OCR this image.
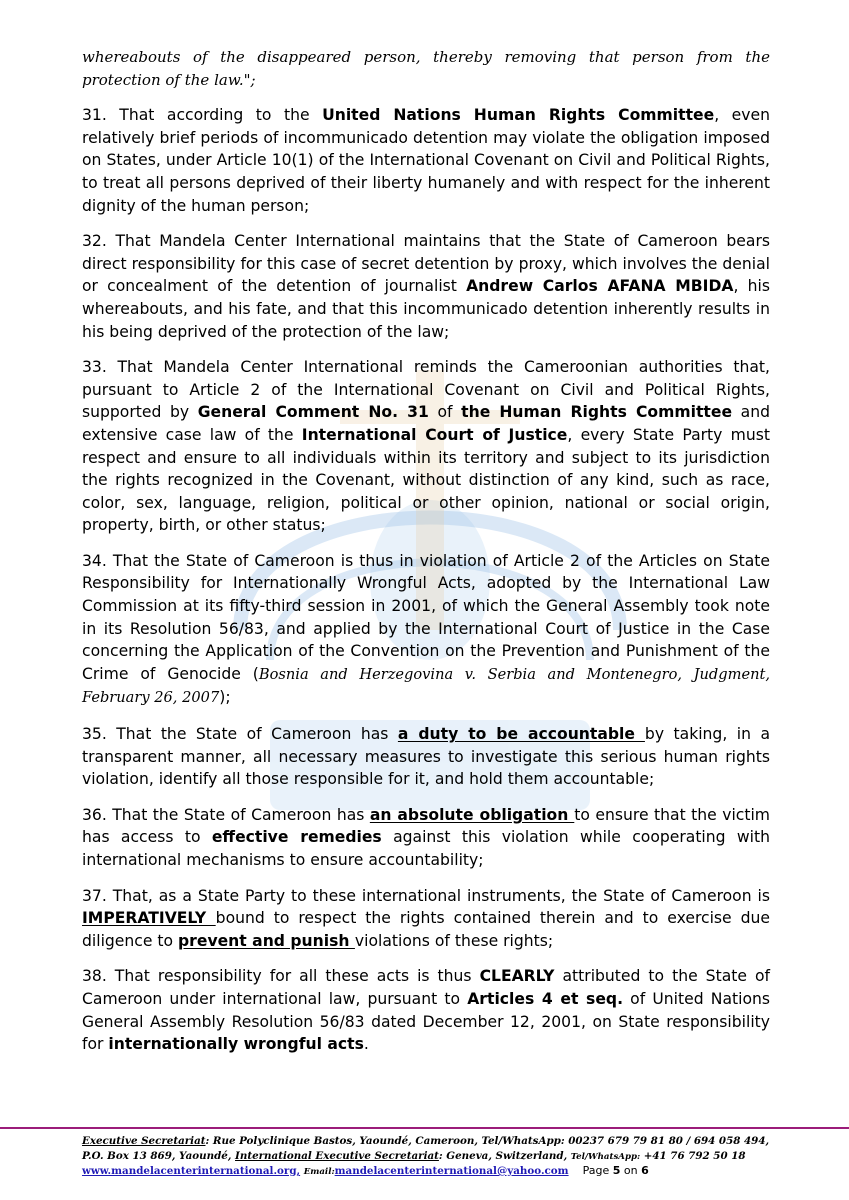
whereabouts of the disappeared person, thereby removing that person from the protection of the law.";

31. That according to the United Nations Human Rights Committee, even relatively brief periods of incommunicado detention may violate the obligation imposed on States, under Article 10(1) of the International Covenant on Civil and Political Rights, to treat all persons deprived of their liberty humanely and with respect for the inherent dignity of the human person;

32. That Mandela Center International maintains that the State of Cameroon bears direct responsibility for this case of secret detention by proxy, which involves the denial or concealment of the detention of journalist Andrew Carlos AFANA MBIDA, his whereabouts, and his fate, and that this incommunicado detention inherently results in his being deprived of the protection of the law;

33. That Mandela Center International reminds the Cameroonian authorities that, pursuant to Article 2 of the International Covenant on Civil and Political Rights, supported by General Comment No. 31 of the Human Rights Committee and extensive case law of the International Court of Justice, every State Party must respect and ensure to all individuals within its territory and subject to its jurisdiction the rights recognized in the Covenant, without distinction of any kind, such as race, color, sex, language, religion, political or other opinion, national or social origin, property, birth, or other status;

34. That the State of Cameroon is thus in violation of Article 2 of the Articles on State Responsibility for Internationally Wrongful Acts, adopted by the International Law Commission at its fifty-third session in 2001, of which the General Assembly took note in its Resolution 56/83, and applied by the International Court of Justice in the Case concerning the Application of the Convention on the Prevention and Punishment of the Crime of Genocide (Bosnia and Herzegovina v. Serbia and Montenegro, Judgment, February 26, 2007);

35. That the State of Cameroon has a duty to be accountable by taking, in a transparent manner, all necessary measures to investigate this serious human rights violation, identify all those responsible for it, and hold them accountable;

36. That the State of Cameroon has an absolute obligation to ensure that the victim has access to effective remedies against this violation while cooperating with international mechanisms to ensure accountability;

37. That, as a State Party to these international instruments, the State of Cameroon is IMPERATIVELY bound to respect the rights contained therein and to exercise due diligence to prevent and punish violations of these rights;

38. That responsibility for all these acts is thus CLEARLY attributed to the State of Cameroon under international law, pursuant to Articles 4 et seq. of United Nations General Assembly Resolution 56/83 dated December 12, 2001, on State responsibility for internationally wrongful acts.

Executive Secretariat: Rue Polyclinique Bastos, Yaoundé, Cameroon, Tel/WhatsApp: 00237 679 79 81 80 / 694 058 494,
P.O. Box 13 869, Yaoundé, International Executive Secretariat: Geneva, Switzerland, Tel/WhatsApp: +41 76 792 50 18
www.mandelacenterinternational.org, Email:mandelacenterinternational@yahoo.com Page 5 on 6
